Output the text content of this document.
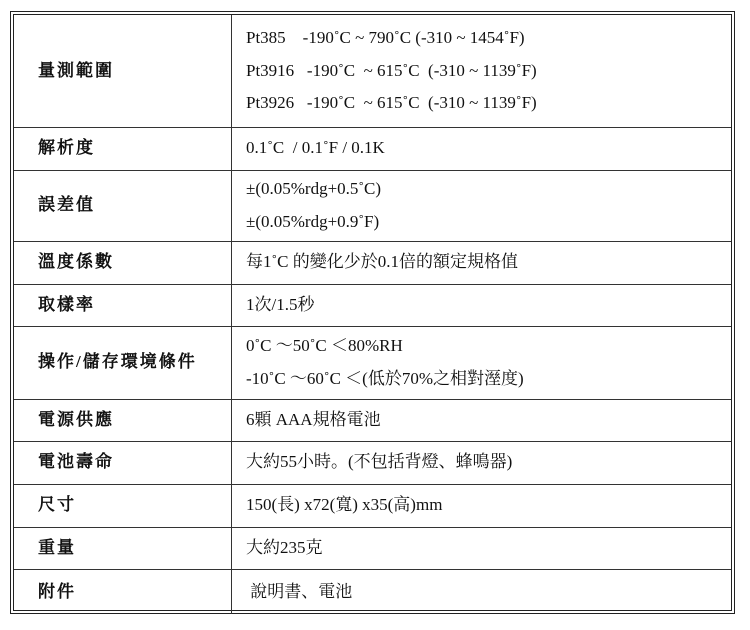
量測範圍	Pt385    -190˚C ~ 790˚C (-310 ~ 1454˚F)
Pt3916   -190˚C  ~ 615˚C  (-310 ~ 1139˚F)
Pt3926   -190˚C  ~ 615˚C  (-310 ~ 1139˚F)

解析度	0.1˚C  / 0.1˚F / 0.1K

誤差值	±(0.05%rdg+0.5˚C)
±(0.05%rdg+0.9˚F)

溫度係數	每1˚C 的變化少於0.1倍的額定規格值

取樣率	1次/1.5秒

操作/儲存環境條件	0˚C ～50˚C ＜80%RH
-10˚C ～60˚C ＜(低於70%之相對溼度)

電源供應	6顆 AAA規格電池

電池壽命	大約55小時。(不包括背燈、蜂鳴器)

尺寸	150(長) x72(寬) x35(高)mm

重量	大約235克

附件	說明書、電池
